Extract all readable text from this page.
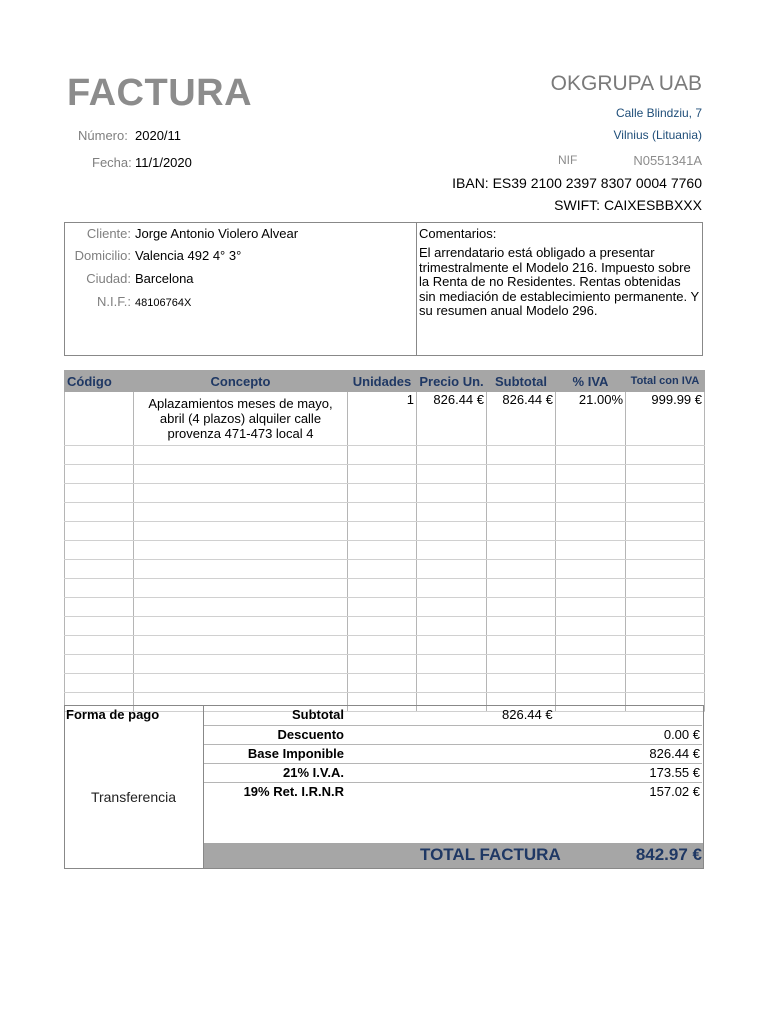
FACTURA
Número: 2020/11
Fecha: 11/1/2020
OKGRUPA UAB
Calle Blindziu, 7
Vilnius (Lituania)
NIF	N0551341A
IBAN: ES39 2100 2397 8307 0004 7760
SWIFT: CAIXESBBXXX
Cliente: Jorge Antonio Violero Alvear
Domicilio: Valencia 492 4° 3°
Ciudad: Barcelona
N.I.F.: 48106764X
Comentarios:
El arrendatario está obligado a presentar trimestralmente el Modelo 216. Impuesto sobre la Renta de no Residentes. Rentas obtenidas sin mediación de establecimiento permanente. Y su resumen anual Modelo 296.
Código	Concepto	Unidades	Precio Un.	Subtotal	% IVA	Total con IVA
	Aplazamientos meses de mayo, abril (4 plazos) alquiler calle provenza 471-473 local 4	1	826.44 €	826.44 €	21.00%	999.99 €

Forma de pago
Transferencia
Subtotal	826.44 €
Descuento	0.00 €
Base Imponible	826.44 €
21% I.V.A.	173.55 €
19% Ret. I.R.N.R	157.02 €
TOTAL FACTURA	842.97 €
